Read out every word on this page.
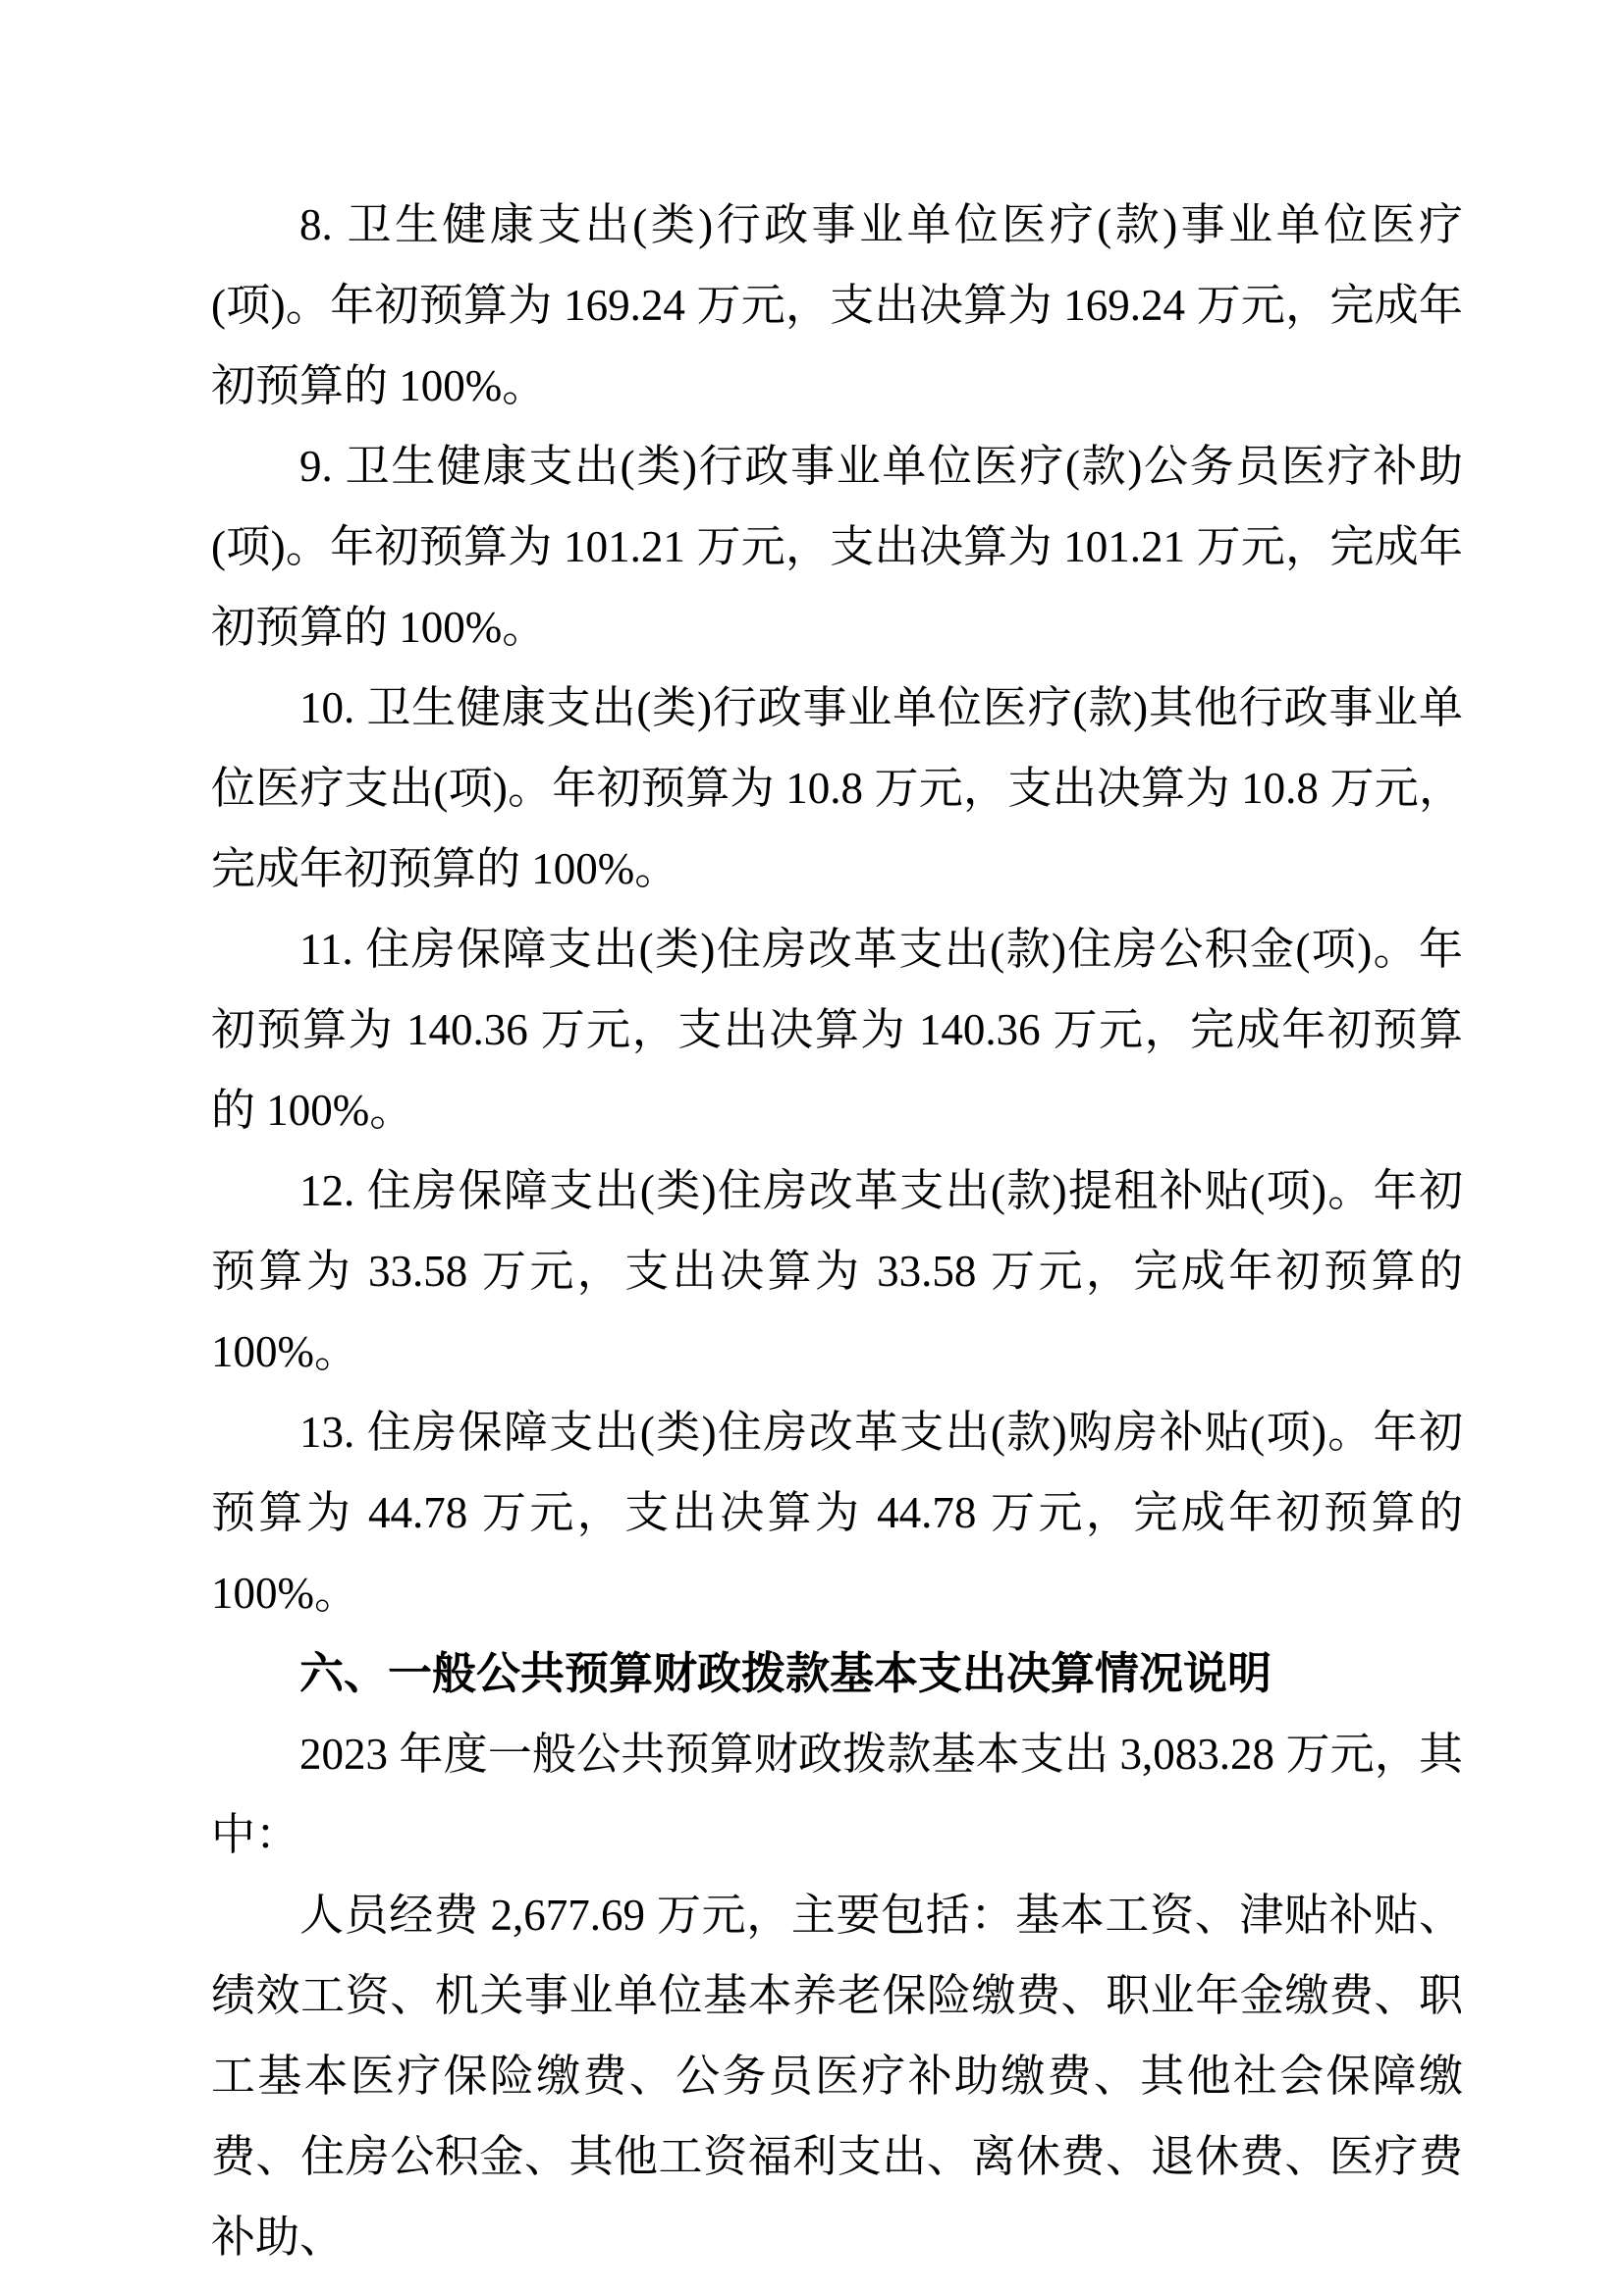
8. 卫生健康支出(类)行政事业单位医疗(款)事业单位医疗(项)。年初预算为 169.24 万元，支出决算为 169.24 万元，完成年初预算的 100%。

9. 卫生健康支出(类)行政事业单位医疗(款)公务员医疗补助(项)。年初预算为 101.21 万元，支出决算为 101.21 万元，完成年初预算的 100%。

10. 卫生健康支出(类)行政事业单位医疗(款)其他行政事业单位医疗支出(项)。年初预算为 10.8 万元，支出决算为 10.8 万元，完成年初预算的 100%。

11. 住房保障支出(类)住房改革支出(款)住房公积金(项)。年初预算为 140.36 万元，支出决算为 140.36 万元，完成年初预算的 100%。

12. 住房保障支出(类)住房改革支出(款)提租补贴(项)。年初预算为 33.58 万元，支出决算为 33.58 万元，完成年初预算的 100%。

13. 住房保障支出(类)住房改革支出(款)购房补贴(项)。年初预算为 44.78 万元，支出决算为 44.78 万元，完成年初预算的 100%。

六、一般公共预算财政拨款基本支出决算情况说明

2023 年度一般公共预算财政拨款基本支出 3,083.28 万元，其中：

人员经费 2,677.69 万元，主要包括：基本工资、津贴补贴、绩效工资、机关事业单位基本养老保险缴费、职业年金缴费、职工基本医疗保险缴费、公务员医疗补助缴费、其他社会保障缴费、住房公积金、其他工资福利支出、离休费、退休费、医疗费补助、
